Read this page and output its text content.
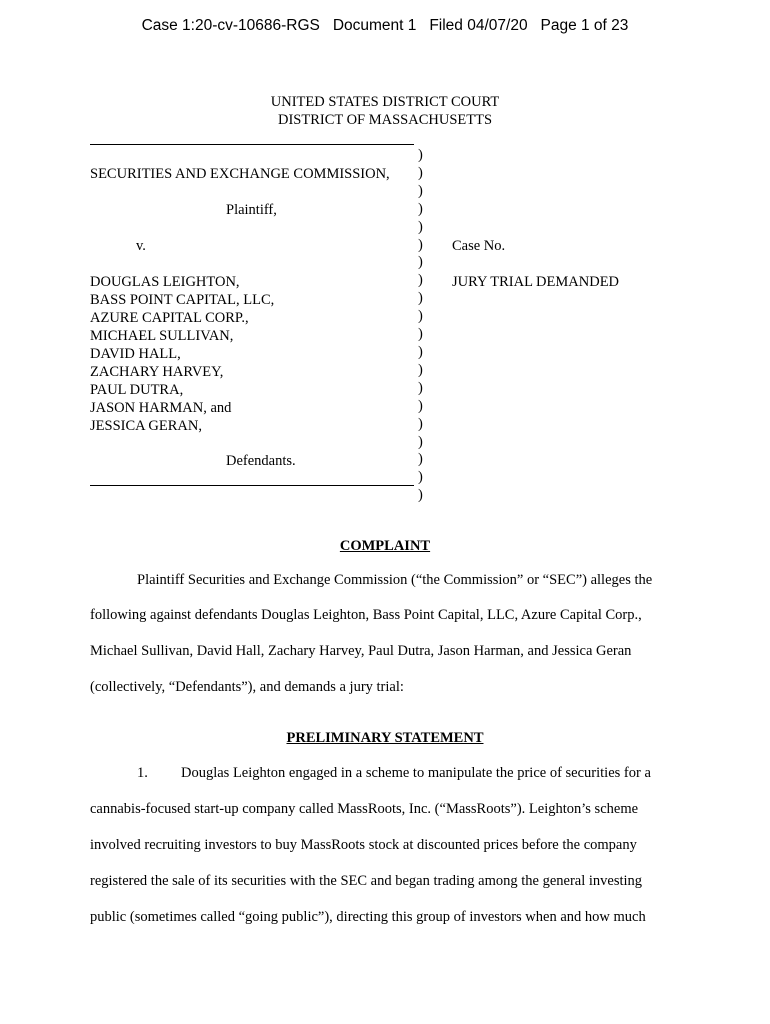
Case 1:20-cv-10686-RGS Document 1 Filed 04/07/20 Page 1 of 23
UNITED STATES DISTRICT COURT
DISTRICT OF MASSACHUSETTS
)
)
)
)
)
)
)
)
)
)
)
)
)
)
)
)
)
)
)
)
SECURITIES AND EXCHANGE COMMISSION,
Plaintiff,
v.
DOUGLAS LEIGHTON,
BASS POINT CAPITAL, LLC,
AZURE CAPITAL CORP.,
MICHAEL SULLIVAN,
DAVID HALL,
ZACHARY HARVEY,
PAUL DUTRA,
JASON HARMAN, and
JESSICA GERAN,
Defendants.
Case No.
JURY TRIAL DEMANDED
COMPLAINT
Plaintiff Securities and Exchange Commission (“the Commission” or “SEC”) alleges the
following against defendants Douglas Leighton, Bass Point Capital, LLC, Azure Capital Corp.,
Michael Sullivan, David Hall, Zachary Harvey, Paul Dutra, Jason Harman, and Jessica Geran
(collectively, “Defendants”), and demands a jury trial:
PRELIMINARY STATEMENT
1. Douglas Leighton engaged in a scheme to manipulate the price of securities for a
cannabis-focused start-up company called MassRoots, Inc. (“MassRoots”). Leighton’s scheme
involved recruiting investors to buy MassRoots stock at discounted prices before the company
registered the sale of its securities with the SEC and began trading among the general investing
public (sometimes called “going public”), directing this group of investors when and how much
